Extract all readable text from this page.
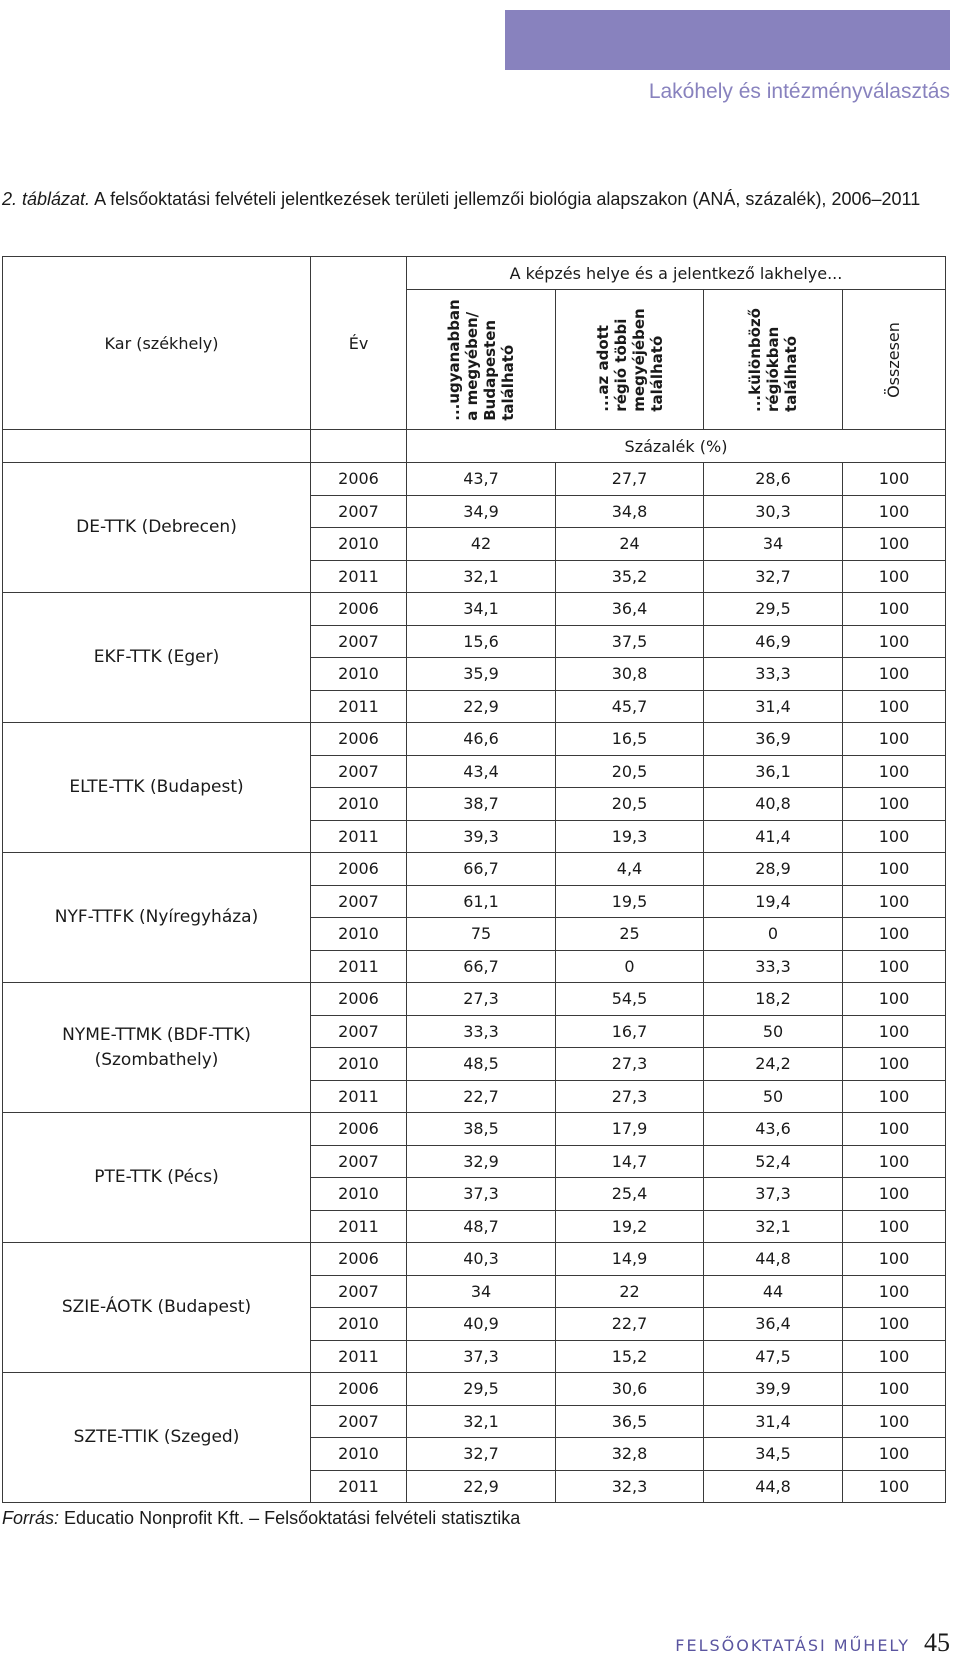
Lakóhely és intézményválasztás
2. táblázat. A felsőoktatási felvételi jelentkezések területi jellemzői biológia alapszakon (ANÁ, százalék), 2006–2011
Kar (székhely)	Év	A képzés helye és a jelentkező lakhelye...			

		...ugyanabban
a megyében/
Budapesten
található	...az adott
régió többi
megyéjében
található	...különböző
régiókban
található	Összesen

		Százalék (%)			
DE-TTK (Debrecen)	2006	43,7	27,7	28,6	100
	2007	34,9	34,8	30,3	100
	2010	42	24	34	100
	2011	32,1	35,2	32,7	100
EKF-TTK (Eger)	2006	34,1	36,4	29,5	100
	2007	15,6	37,5	46,9	100
	2010	35,9	30,8	33,3	100
	2011	22,9	45,7	31,4	100
ELTE-TTK (Budapest)	2006	46,6	16,5	36,9	100
	2007	43,4	20,5	36,1	100
	2010	38,7	20,5	40,8	100
	2011	39,3	19,3	41,4	100
NYF-TTFK (Nyíregyháza)	2006	66,7	4,4	28,9	100
	2007	61,1	19,5	19,4	100
	2010	75	25	0	100
	2011	66,7	0	33,3	100
NYME-TTMK (BDF-TTK) (Szombathely)	2006	27,3	54,5	18,2	100
	2007	33,3	16,7	50	100
	2010	48,5	27,3	24,2	100
	2011	22,7	27,3	50	100
PTE-TTK (Pécs)	2006	38,5	17,9	43,6	100
	2007	32,9	14,7	52,4	100
	2010	37,3	25,4	37,3	100
	2011	48,7	19,2	32,1	100
SZIE-ÁOTK (Budapest)	2006	40,3	14,9	44,8	100
	2007	34	22	44	100
	2010	40,9	22,7	36,4	100
	2011	37,3	15,2	47,5	100
SZTE-TTIK (Szeged)	2006	29,5	30,6	39,9	100
	2007	32,1	36,5	31,4	100
	2010	32,7	32,8	34,5	100
	2011	22,9	32,3	44,8	100
Forrás: Educatio Nonprofit Kft. – Felsőoktatási felvételi statisztika
FELSŐOKTATÁSI MŰHELY 45
